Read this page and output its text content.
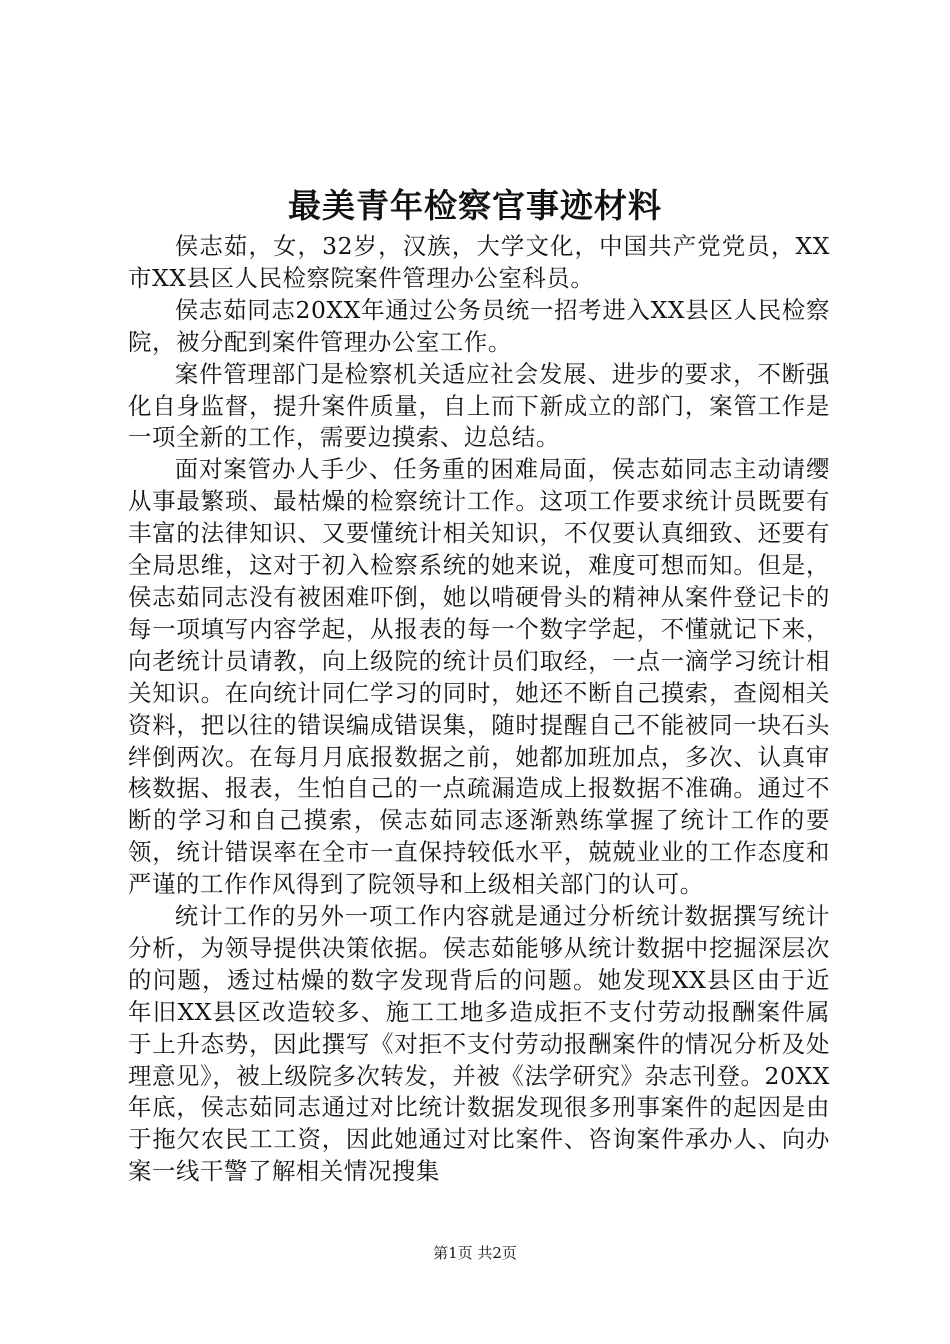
最美青年检察官事迹材料

侯志茹，女，32岁，汉族，大学文化，中国共产党党员，XX市XX县区人民检察院案件管理办公室科员。

侯志茹同志20XX年通过公务员统一招考进入XX县区人民检察院，被分配到案件管理办公室工作。

案件管理部门是检察机关适应社会发展、进步的要求，不断强化自身监督，提升案件质量，自上而下新成立的部门，案管工作是一项全新的工作，需要边摸索、边总结。

面对案管办人手少、任务重的困难局面，侯志茹同志主动请缨从事最繁琐、最枯燥的检察统计工作。这项工作要求统计员既要有丰富的法律知识、又要懂统计相关知识，不仅要认真细致、还要有全局思维，这对于初入检察系统的她来说，难度可想而知。但是，侯志茹同志没有被困难吓倒，她以啃硬骨头的精神从案件登记卡的每一项填写内容学起，从报表的每一个数字学起，不懂就记下来，向老统计员请教，向上级院的统计员们取经，一点一滴学习统计相关知识。在向统计同仁学习的同时，她还不断自己摸索，查阅相关资料，把以往的错误编成错误集，随时提醒自己不能被同一块石头绊倒两次。在每月月底报数据之前，她都加班加点，多次、认真审核数据、报表，生怕自己的一点疏漏造成上报数据不准确。通过不断的学习和自己摸索，侯志茹同志逐渐熟练掌握了统计工作的要领，统计错误率在全市一直保持较低水平，兢兢业业的工作态度和严谨的工作作风得到了院领导和上级相关部门的认可。

统计工作的另外一项工作内容就是通过分析统计数据撰写统计分析，为领导提供决策依据。侯志茹能够从统计数据中挖掘深层次的问题，透过枯燥的数字发现背后的问题。她发现XX县区由于近年旧XX县区改造较多、施工工地多造成拒不支付劳动报酬案件属于上升态势，因此撰写《对拒不支付劳动报酬案件的情况分析及处理意见》，被上级院多次转发，并被《法学研究》杂志刊登。20XX年底，侯志茹同志通过对比统计数据发现很多刑事案件的起因是由于拖欠农民工工资，因此她通过对比案件、咨询案件承办人、向办案一线干警了解相关情况搜集

第1页 共2页
